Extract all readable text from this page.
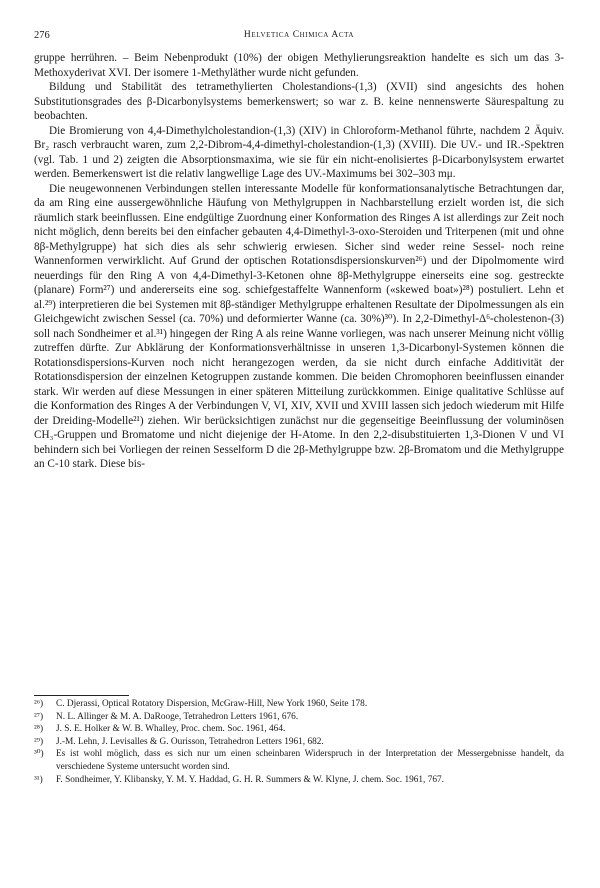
276	Helvetica Chimica Acta

gruppe herrühren. – Beim Nebenprodukt (10%) der obigen Methylierungsreaktion handelte es sich um das 3-Methoxyderivat XVI. Der isomere 1-Methyläther wurde nicht gefunden.

Bildung und Stabilität des tetramethylierten Cholestandions-(1,3) (XVII) sind angesichts des hohen Substitutionsgrades des β-Dicarbonylsystems bemerkenswert; so war z. B. keine nennenswerte Säurespaltung zu beobachten.

Die Bromierung von 4,4-Dimethylcholestandion-(1,3) (XIV) in Chloroform-Methanol führte, nachdem 2 Äquiv. Br₂ rasch verbraucht waren, zum 2,2-Dibrom-4,4-dimethyl-cholestandion-(1,3) (XVIII). Die UV.- und IR.-Spektren (vgl. Tab. 1 und 2) zeigten die Absorptionsmaxima, wie sie für ein nicht-enolisiertes β-Dicarbonylsystem erwartet werden. Bemerkenswert ist die relativ langwellige Lage des UV.-Maximums bei 302–303 mμ.

Die neugewonnenen Verbindungen stellen interessante Modelle für konformationsanalytische Betrachtungen dar, da am Ring eine aussergewöhnliche Häufung von Methylgruppen in Nachbarstellung erzielt worden ist, die sich räumlich stark beeinflussen. Eine endgültige Zuordnung einer Konformation des Ringes A ist allerdings zur Zeit noch nicht möglich, denn bereits bei den einfacher gebauten 4,4-Dimethyl-3-oxo-Steroiden und Triterpenen (mit und ohne 8β-Methylgruppe) hat sich dies als sehr schwierig erwiesen. Sicher sind weder reine Sessel- noch reine Wannenformen verwirklicht. Auf Grund der optischen Rotationsdispersionskurven²⁶) und der Dipolmomente wird neuerdings für den Ring A von 4,4-Dimethyl-3-Ketonen ohne 8β-Methylgruppe einerseits eine sog. gestreckte (planare) Form²⁷) und andererseits eine sog. schiefgestaffelte Wannenform («skewed boat»)²⁸) postuliert. Lehn et al.²⁹) interpretieren die bei Systemen mit 8β-ständiger Methylgruppe erhaltenen Resultate der Dipolmessungen als ein Gleichgewicht zwischen Sessel (ca. 70%) und deformierter Wanne (ca. 30%)³⁰). In 2,2-Dimethyl-Δ⁶-cholestenon-(3) soll nach Sondheimer et al.³¹) hingegen der Ring A als reine Wanne vorliegen, was nach unserer Meinung nicht völlig zutreffen dürfte. Zur Abklärung der Konformationsverhältnisse in unseren 1,3-Dicarbonyl-Systemen können die Rotationsdispersions-Kurven noch nicht herangezogen werden, da sie nicht durch einfache Additivität der Rotationsdispersion der einzelnen Ketogruppen zustande kommen. Die beiden Chromophoren beeinflussen einander stark. Wir werden auf diese Messungen in einer späteren Mitteilung zurückkommen. Einige qualitative Schlüsse auf die Konformation des Ringes A der Verbindungen V, VI, XIV, XVII und XVIII lassen sich jedoch wiederum mit Hilfe der Dreiding-Modelle²¹) ziehen. Wir berücksichtigen zunächst nur die gegenseitige Beeinflussung der voluminösen CH₃-Gruppen und Bromatome und nicht diejenige der H-Atome. In den 2,2-disubstituierten 1,3-Dionen V und VI behindern sich bei Vorliegen der reinen Sesselform D die 2β-Methylgruppe bzw. 2β-Bromatom und die Methylgruppe an C-10 stark. Diese bis-

²⁶)	C. Djerassi, Optical Rotatory Dispersion, McGraw-Hill, New York 1960, Seite 178.
²⁷)	N. L. Allinger & M. A. DaRooge, Tetrahedron Letters 1961, 676.
²⁸)	J. S. E. Holker & W. B. Whalley, Proc. chem. Soc. 1961, 464.
²⁹)	J.-M. Lehn, J. Levisalles & G. Ourisson, Tetrahedron Letters 1961, 682.
³⁰)	Es ist wohl möglich, dass es sich nur um einen scheinbaren Widerspruch in der Interpretation der Messergebnisse handelt, da verschiedene Systeme untersucht worden sind.
³¹)	F. Sondheimer, Y. Klibansky, Y. M. Y. Haddad, G. H. R. Summers & W. Klyne, J. chem. Soc. 1961, 767.
